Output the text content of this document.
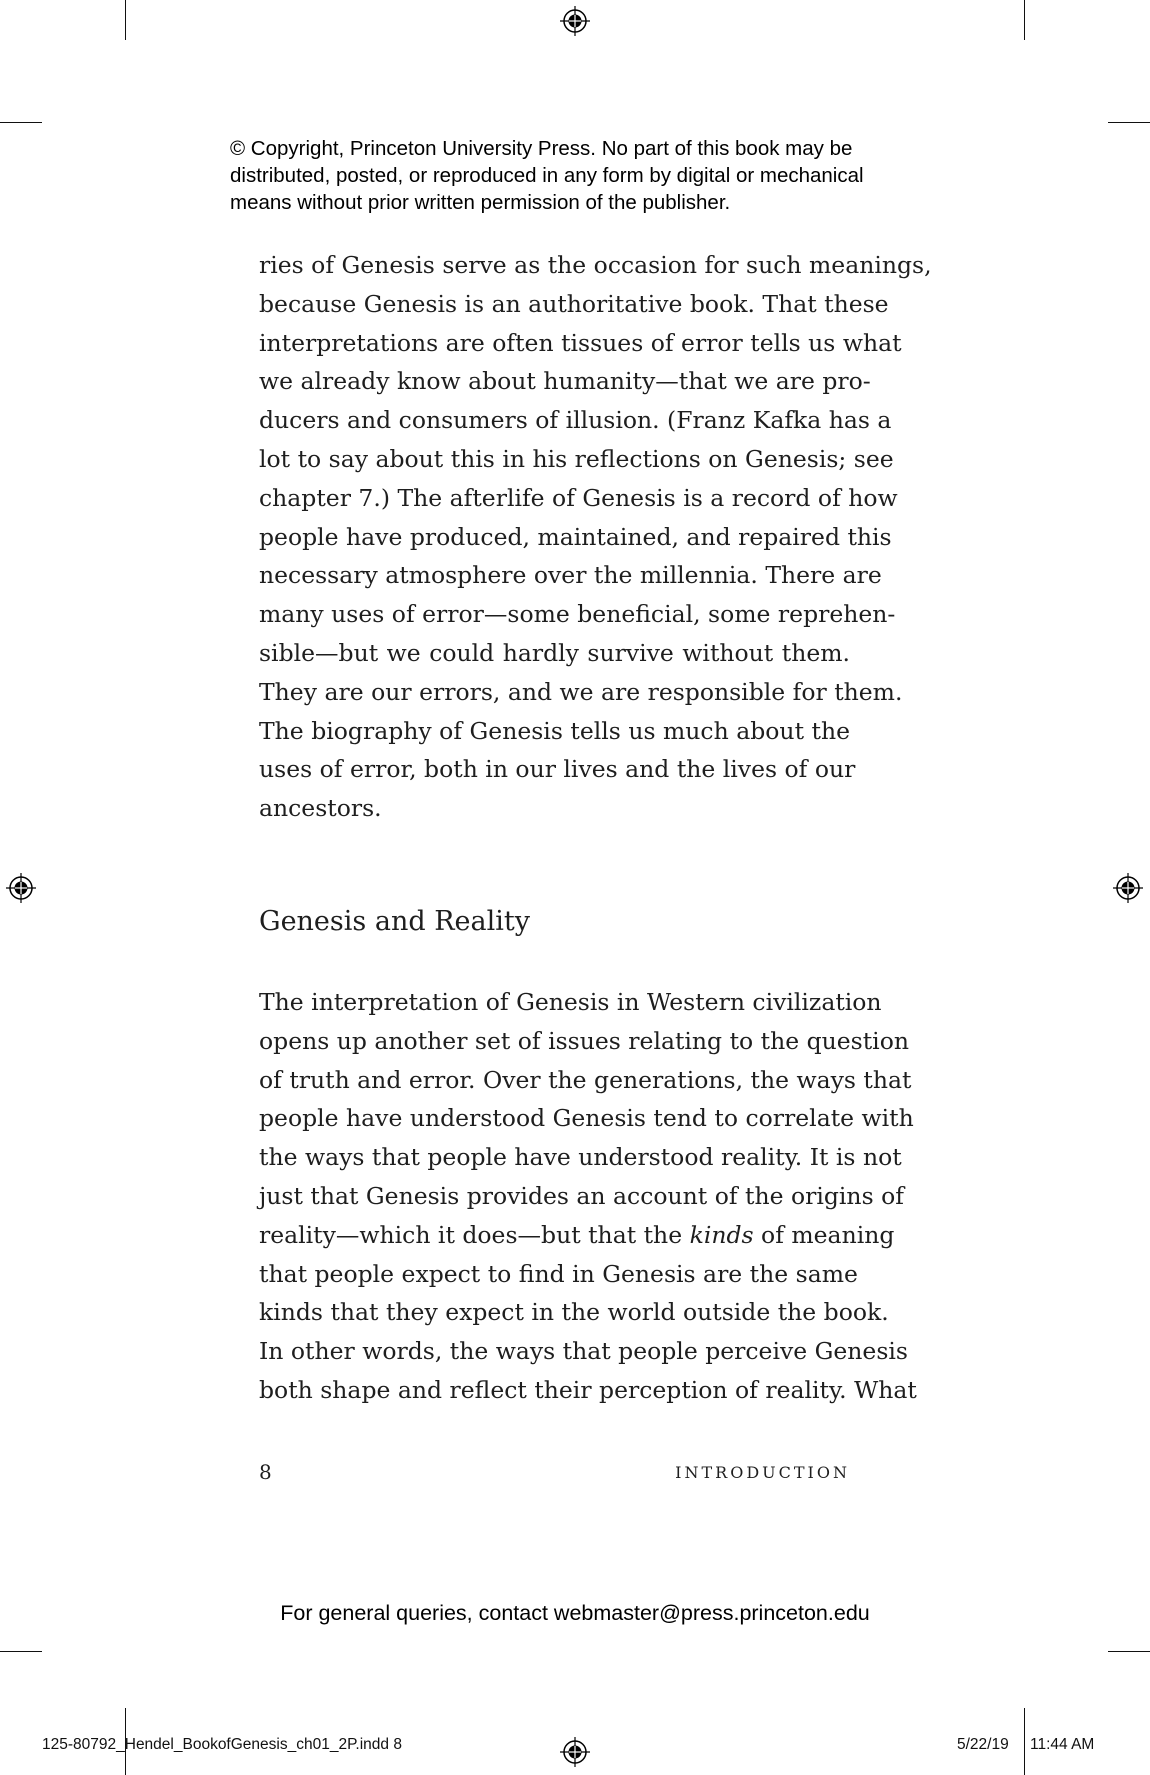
© Copyright, Princeton University Press. No part of this book may be
distributed, posted, or reproduced in any form by digital or mechanical
means without prior written permission of the publisher.
ries of Genesis serve as the occasion for such meanings,
because Genesis is an authoritative book. That these
interpretations are often tissues of error tells us what
we already know about humanity—that we are pro-
ducers and consumers of illusion. (Franz Kafka has a
lot to say about this in his reflections on Genesis; see
chapter 7.) The afterlife of Genesis is a record of how
people have produced, maintained, and repaired this
necessary atmosphere over the millennia. There are
many uses of error—some beneficial, some reprehen-
sible—but we could hardly survive without them.
They are our errors, and we are responsible for them.
The biography of Genesis tells us much about the
uses of error, both in our lives and the lives of our
ancestors.
Genesis and Reality
The interpretation of Genesis in Western civilization
opens up another set of issues relating to the question
of truth and error. Over the generations, the ways that
people have understood Genesis tend to correlate with
the ways that people have understood reality. It is not
just that Genesis provides an account of the origins of
reality—which it does—but that the kinds of meaning
that people expect to find in Genesis are the same
kinds that they expect in the world outside the book.
In other words, the ways that people perceive Genesis
both shape and reflect their perception of reality. What
8	INTRODUCTION
For general queries, contact webmaster@press.princeton.edu
125-80792_Hendel_BookofGenesis_ch01_2P.indd 8	5/22/19 11:44 AM
